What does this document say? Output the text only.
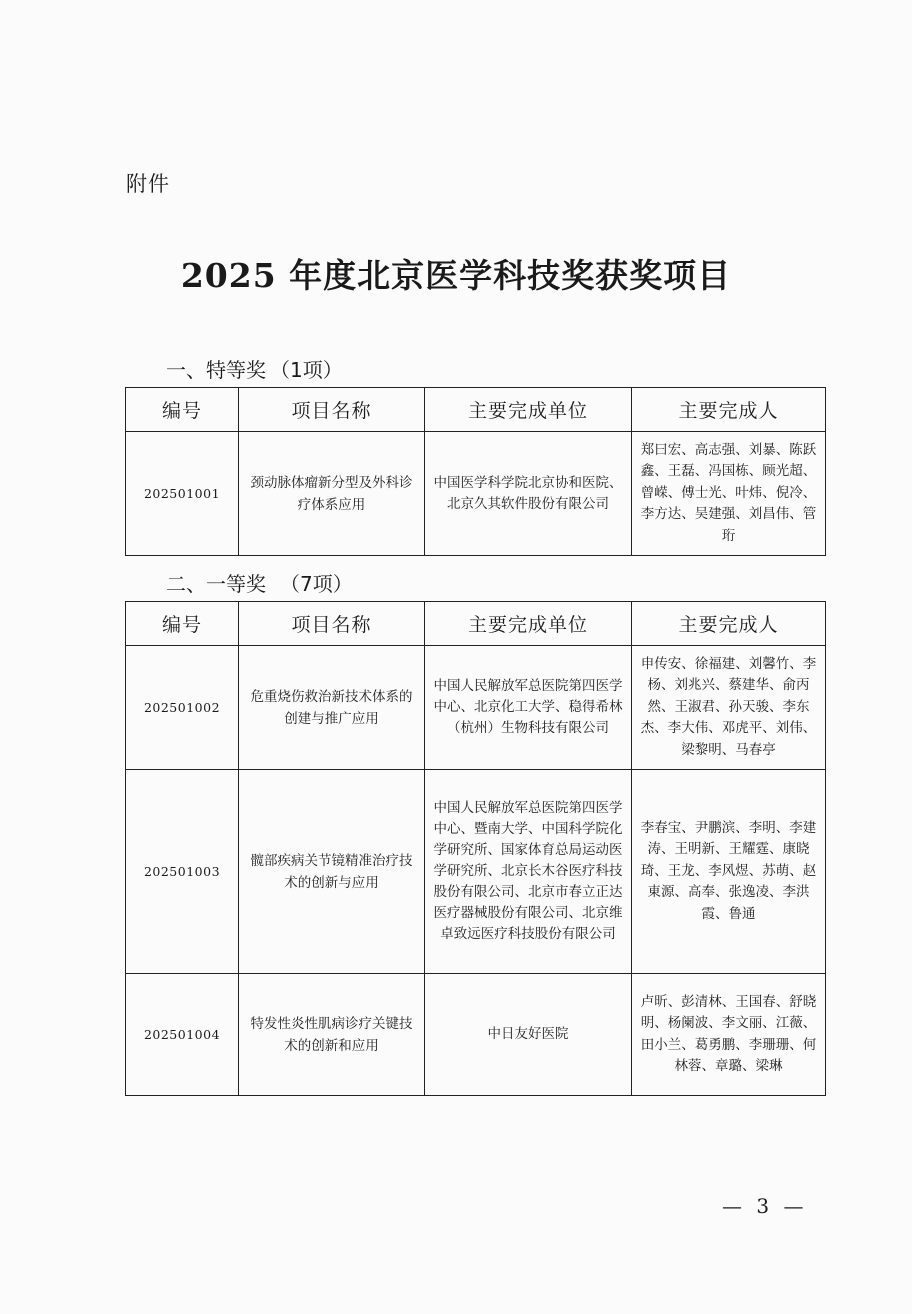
附件
2025 年度北京医学科技奖获奖项目
一、特等奖 （1项）
编号	项目名称	主要完成单位	主要完成人
202501001	颈动脉体瘤新分型及外科诊疗体系应用	中国医学科学院北京协和医院、北京久其软件股份有限公司	郑曰宏、高志强、刘暴、陈跃鑫、王磊、冯国栋、顾光超、曾嵘、傅士光、叶炜、倪冷、李方达、吴建强、刘昌伟、管珩
二、一等奖 （7项）
编号	项目名称	主要完成单位	主要完成人
202501002	危重烧伤救治新技术体系的创建与推广应用	中国人民解放军总医院第四医学中心、北京化工大学、稳得希林（杭州）生物科技有限公司	申传安、徐福建、刘馨竹、李杨、刘兆兴、蔡建华、俞丙然、王淑君、孙天骏、李东杰、李大伟、邓虎平、刘伟、梁黎明、马春亭
202501003	髋部疾病关节镜精准治疗技术的创新与应用	中国人民解放军总医院第四医学中心、暨南大学、中国科学院化学研究所、国家体育总局运动医学研究所、北京长木谷医疗科技股份有限公司、北京市春立正达医疗器械股份有限公司、北京维卓致远医疗科技股份有限公司	李春宝、尹鹏滨、李明、李建涛、王明新、王耀霆、康晓琦、王龙、李风煜、苏萌、赵東源、高奉、张逸凌、李洪霞、鲁通
202501004	特发性炎性肌病诊疗关键技术的创新和应用	中日友好医院	卢昕、彭清林、王国春、舒晓明、杨阑波、李文丽、江薇、田小兰、葛勇鹏、李珊珊、何林蓉、章璐、梁琳
— 3 —
